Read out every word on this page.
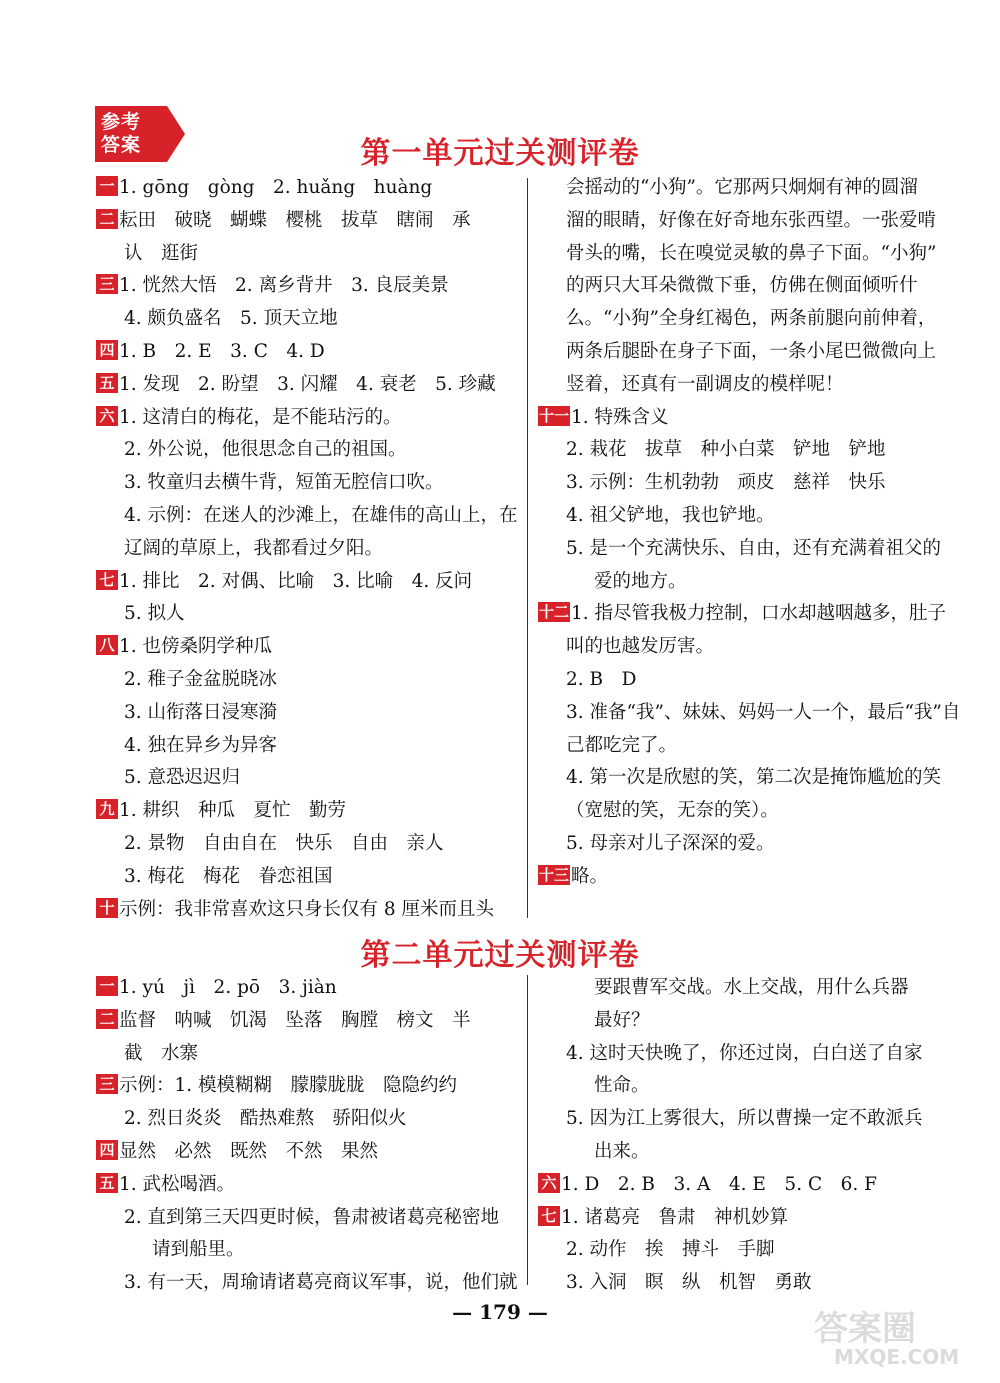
参考
答案	第一单元过关测评卷
一 1. gōng　gòng　2. huǎng　huàng
二 耘田　破晓　蝴蝶　樱桃　拔草　瞎闹　承
认　逛街
三 1. 恍然大悟　2. 离乡背井　3. 良辰美景
4. 颇负盛名　5. 顶天立地
四 1. B　2. E　3. C　4. D
五 1. 发现　2. 盼望　3. 闪耀　4. 衰老　5. 珍藏
六 1. 这清白的梅花，是不能玷污的。
2. 外公说，他很思念自己的祖国。
3. 牧童归去横牛背，短笛无腔信口吹。
4. 示例：在迷人的沙滩上，在雄伟的高山上，在
辽阔的草原上，我都看过夕阳。
七 1. 排比　2. 对偶、比喻　3. 比喻　4. 反问
5. 拟人
八 1. 也傍桑阴学种瓜
2. 稚子金盆脱晓冰
3. 山衔落日浸寒漪
4. 独在异乡为异客
5. 意恐迟迟归
九 1. 耕织　种瓜　夏忙　勤劳
2. 景物　自由自在　快乐　自由　亲人
3. 梅花　梅花　眷恋祖国
十 示例：我非常喜欢这只身长仅有 8 厘米而且头
会摇动的“小狗”。它那两只炯炯有神的圆溜
溜的眼睛，好像在好奇地东张西望。一张爱啃
骨头的嘴，长在嗅觉灵敏的鼻子下面。“小狗”
的两只大耳朵微微下垂，仿佛在侧面倾听什
么。“小狗”全身红褐色，两条前腿向前伸着，
两条后腿卧在身子下面，一条小尾巴微微向上
竖着，还真有一副调皮的模样呢！
十一 1. 特殊含义
2. 栽花　拔草　种小白菜　铲地　铲地
3. 示例：生机勃勃　顽皮　慈祥　快乐
4. 祖父铲地，我也铲地。
5. 是一个充满快乐、自由，还有充满着祖父的
爱的地方。
十二 1. 指尽管我极力控制，口水却越咽越多，肚子
叫的也越发厉害。
2. B　D
3. 准备“我”、妹妹、妈妈一人一个，最后“我”自
己都吃完了。
4. 第一次是欣慰的笑，第二次是掩饰尴尬的笑
（宽慰的笑，无奈的笑）。
5. 母亲对儿子深深的爱。
十三 略。
第二单元过关测评卷
一 1. yú　jì　2. pō　3. jiàn
二 监督　呐喊　饥渴　坠落　胸膛　榜文　半
截　水寨
三 示例：1. 模模糊糊　朦朦胧胧　隐隐约约
2. 烈日炎炎　酷热难熬　骄阳似火
四 显然　必然　既然　不然　果然
五 1. 武松喝酒。
2. 直到第三天四更时候，鲁肃被诸葛亮秘密地
请到船里。
3. 有一天，周瑜请诸葛亮商议军事，说，他们就
要跟曹军交战。水上交战，用什么兵器
最好？
4. 这时天快晚了，你还过岗，白白送了自家
性命。
5. 因为江上雾很大，所以曹操一定不敢派兵
出来。
六 1. D　2. B　3. A　4. E　5. C　6. F
七 1. 诸葛亮　鲁肃　神机妙算
2. 动作　挨　搏斗　手脚
3. 入洞　瞑　纵　机智　勇敢
— 179 —	答案圈
MXQE.COM
